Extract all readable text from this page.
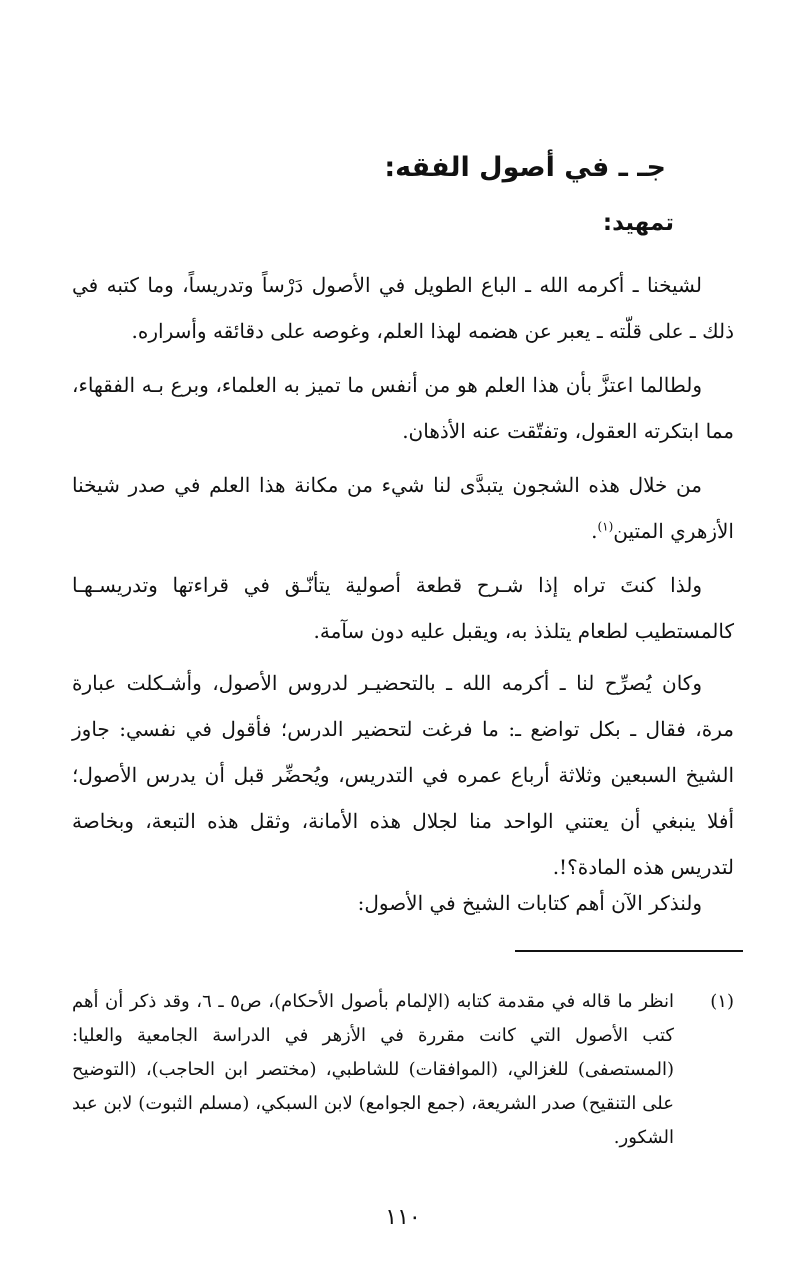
جـ ـ في أصول الفقه:
تمهيد:
لشيخنا ـ أكرمه الله ـ الباع الطويل في الأصول دَرْساً وتدريساً، وما كتبه في ذلك ـ على قلّته ـ يعبر عن هضمه لهذا العلم، وغوصه على دقائقه وأسراره.
ولطالما اعتزَّ بأن هذا العلم هو من أنفس ما تميز به العلماء، وبرع بـه الفقهاء، مما ابتكرته العقول، وتفتّقت عنه الأذهان.
من خلال هذه الشجون يتبدَّى لنا شيء من مكانة هذا العلم في صدر شيخنا الأزهري المتين$^{(١)}$.
ولذا كنتَ تراه إذا شـرح قطعة أصولية يتأنّـق في قراءتها وتدريسـهـا كالمستطيب لطعام يتلذذ به، ويقبل عليه دون سآمة.
وكان يُصرِّح لنا ـ أكرمه الله ـ بالتحضيـر لدروس الأصول، وأشـكلت عبارة مرة، فقال ـ بكل تواضع ـ: ما فرغت لتحضير الدرس؛ فأقول في نفسي: جاوز الشيخ السبعين وثلاثة أرباع عمره في التدريس، ويُحضِّر قبل أن يدرس الأصول؛ أفلا ينبغي أن يعتني الواحد منا لجلال هذه الأمانة، وثقل هذه التبعة، وبخاصة لتدريس هذه المادة؟!.
ولنذكر الآن أهم كتابات الشيخ في الأصول:
(١)
انظر ما قاله في مقدمة كتابه (الإلمام بأصول الأحكام)، ص٥ ـ ٦، وقد ذكر أن أهم كتب الأصول التي كانت مقررة في الأزهر في الدراسة الجامعية والعليا: (المستصفى) للغزالي، (الموافقات) للشاطبي، (مختصر ابن الحاجب)، (التوضيح على التنقيح) صدر الشريعة، (جمع الجوامع) لابن السبكي، (مسلم الثبوت) لابن عبد الشكور.
١١٠
